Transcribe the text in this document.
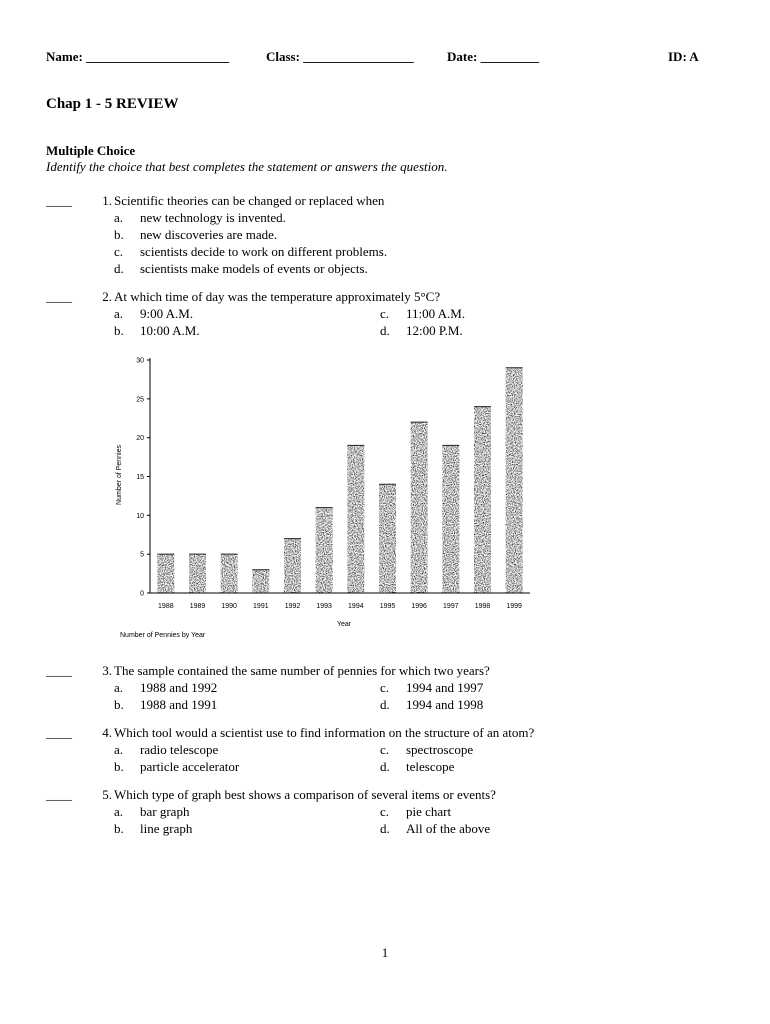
Name: ______________________	Class: _________________	Date: _________	ID: A
Chap 1 - 5 REVIEW
Multiple Choice
Identify the choice that best completes the statement or answers the question.
____	1. Scientific theories can be changed or replaced when
a. new technology is invented.
b. new discoveries are made.
c. scientists decide to work on different problems.
d. scientists make models of events or objects.
____	2. At which time of day was the temperature approximately 5°C?
a. 9:00 A.M.
b. 10:00 A.M.
c. 11:00 A.M.
d. 12:00 P.M.
0
5
10
15
20
25
30
1988 1989 1990 1991 1992 1993 1994 1995 1996 1997 1998 1999
Year
Number of Pennies
Number of Pennies by Year
____	3. The sample contained the same number of pennies for which two years?
a. 1988 and 1992
b. 1988 and 1991
c. 1994 and 1997
d. 1994 and 1998
____	4. Which tool would a scientist use to find information on the structure of an atom?
a. radio telescope
b. particle accelerator
c. spectroscope
d. telescope
____	5. Which type of graph best shows a comparison of several items or events?
a. bar graph
b. line graph
c. pie chart
d. All of the above
1
